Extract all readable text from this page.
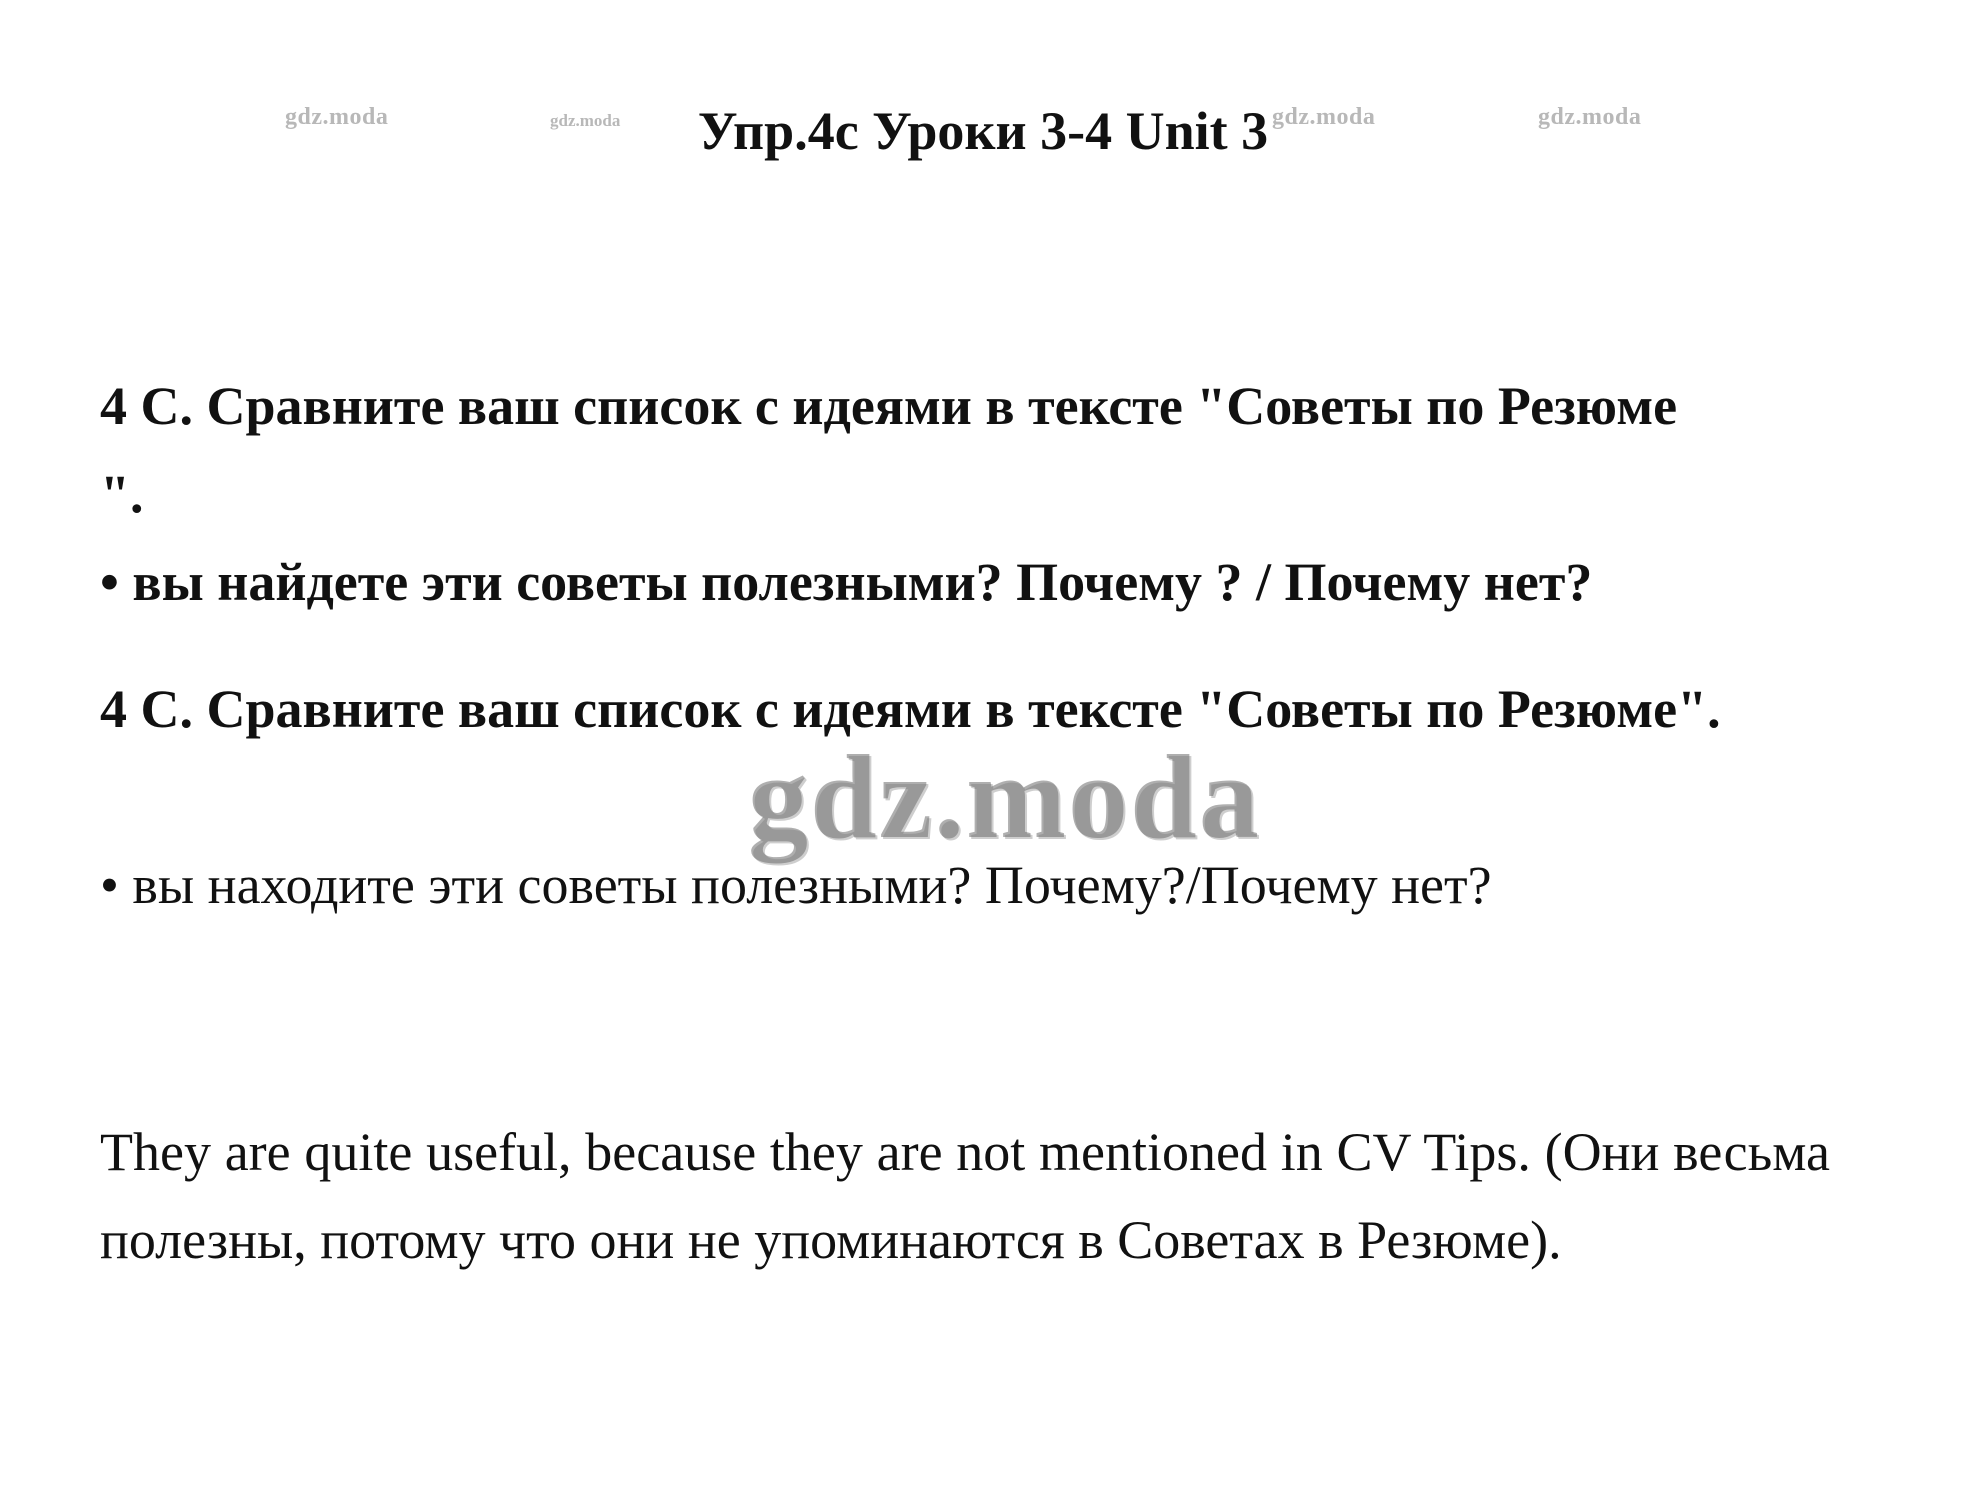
gdz.moda	gdz.moda	gdz.moda	gdz.moda
Упр.4с Уроки 3-4 Unit 3
4 C. Сравните ваш список с идеями в тексте "Советы по Резюме
".
• вы найдете эти советы полезными? Почему ? / Почему нет?
4 C. Сравните ваш список с идеями в тексте "Советы по Резюме".
• вы находите эти советы полезными? Почему?/Почему нет?
gdz.moda
They are quite useful, because they are not mentioned in CV Tips. (Они весьма полезны, потому что они не упоминаются в Советах в Резюме).
